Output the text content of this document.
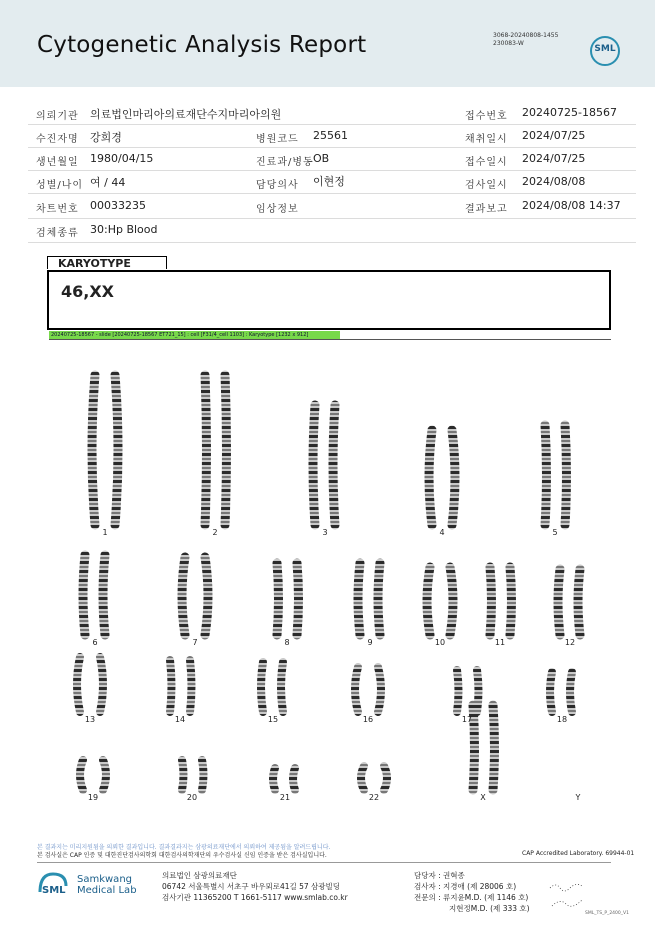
Cytogenetic Analysis Report	3068-20240808-1455
230083-W
SML
의뢰기관 의료법인마리아의료재단수지마리아의원	접수번호 20240725-18567
수진자명 강희경	병원코드 25561	채취일시 2024/07/25
생년월일 1980/04/15	진료과/병동 OB	접수일시 2024/07/25
성별/나이 여 / 44	담당의사 이현정	검사일시 2024/08/08
차트번호 00033235	임상정보	결과보고 2024/08/08 14:37
검체종류 30:Hp Blood
KARYOTYPE
46,XX
20240725-18567 - slide [20240725-18567 ET721_15] : cell [F31/4_cell 1103] : Karyotype [1232 x 912]
1	2	3	4	5
6	7	8	9	10	11	12
13	14	15	16	17	18
19	20	21	22	X	Y
본 결과지는 미리지원됨을 의뢰한 결과입니다. 결과결과지는 삼광의료재단에서 의뢰하여 제공됨을 알려드립니다.
본 검사실은 CAP 인증 및 대한진단검사의학회 대한검사의학재단의 우수검사실 신임 인증을 받은 검사실입니다.	CAP Accredited Laboratory. 69944-01
SML
Samkwang
Medical Lab
의료법인 삼광의료재단
06742 서울특별시 서초구 바우뫼로41길 57 삼광빌딩
검사기관 11365200 T 1661-5117 www.smlab.co.kr
담당자 : 권혁종
검사자 : 지경애 (제 28006 호)
전문의 : 류지윤M.D. (제 1146 호)
지현정M.D. (제 333 호)
SML_TS_P_2400_V1
